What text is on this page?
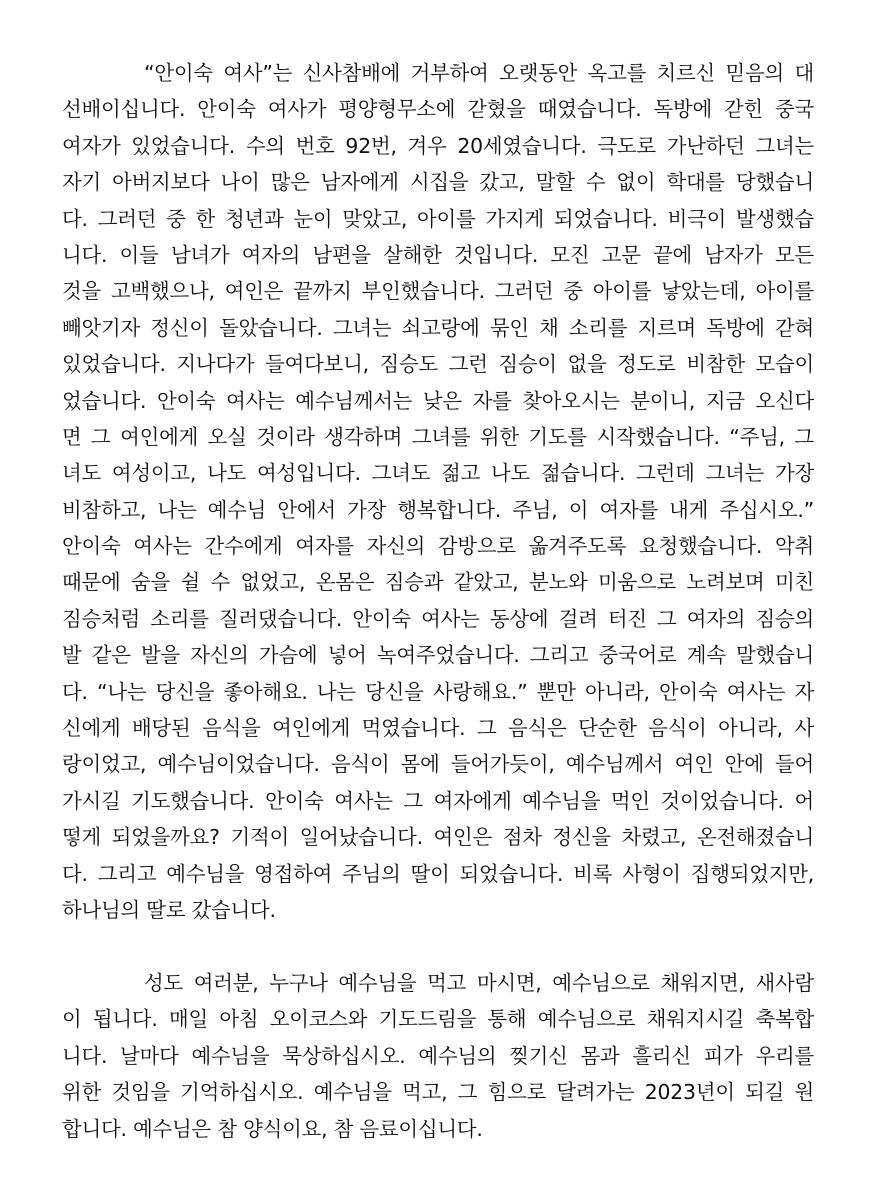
“안이숙 여사”는 신사참배에 거부하여 오랫동안 옥고를 치르신 믿음의 대
선배이십니다. 안이숙 여사가 평양형무소에 갇혔을 때였습니다. 독방에 갇힌 중국
여자가 있었습니다. 수의 번호 92번, 겨우 20세였습니다. 극도로 가난하던 그녀는
자기 아버지보다 나이 많은 남자에게 시집을 갔고, 말할 수 없이 학대를 당했습니
다. 그러던 중 한 청년과 눈이 맞았고, 아이를 가지게 되었습니다. 비극이 발생했습
니다. 이들 남녀가 여자의 남편을 살해한 것입니다. 모진 고문 끝에 남자가 모든
것을 고백했으나, 여인은 끝까지 부인했습니다. 그러던 중 아이를 낳았는데, 아이를
빼앗기자 정신이 돌았습니다. 그녀는 쇠고랑에 묶인 채 소리를 지르며 독방에 갇혀
있었습니다. 지나다가 들여다보니, 짐승도 그런 짐승이 없을 정도로 비참한 모습이
었습니다. 안이숙 여사는 예수님께서는 낮은 자를 찾아오시는 분이니, 지금 오신다
면 그 여인에게 오실 것이라 생각하며 그녀를 위한 기도를 시작했습니다. “주님, 그
녀도 여성이고, 나도 여성입니다. 그녀도 젊고 나도 젊습니다. 그런데 그녀는 가장
비참하고, 나는 예수님 안에서 가장 행복합니다. 주님, 이 여자를 내게 주십시오.”
안이숙 여사는 간수에게 여자를 자신의 감방으로 옮겨주도록 요청했습니다. 악취
때문에 숨을 쉴 수 없었고, 온몸은 짐승과 같았고, 분노와 미움으로 노려보며 미친
짐승처럼 소리를 질러댔습니다. 안이숙 여사는 동상에 걸려 터진 그 여자의 짐승의
발 같은 발을 자신의 가슴에 넣어 녹여주었습니다. 그리고 중국어로 계속 말했습니
다. “나는 당신을 좋아해요. 나는 당신을 사랑해요.” 뿐만 아니라, 안이숙 여사는 자
신에게 배당된 음식을 여인에게 먹였습니다. 그 음식은 단순한 음식이 아니라, 사
랑이었고, 예수님이었습니다. 음식이 몸에 들어가듯이, 예수님께서 여인 안에 들어
가시길 기도했습니다. 안이숙 여사는 그 여자에게 예수님을 먹인 것이었습니다. 어
떻게 되었을까요? 기적이 일어났습니다. 여인은 점차 정신을 차렸고, 온전해졌습니
다. 그리고 예수님을 영접하여 주님의 딸이 되었습니다. 비록 사형이 집행되었지만,
하나님의 딸로 갔습니다.
성도 여러분, 누구나 예수님을 먹고 마시면, 예수님으로 채워지면, 새사람
이 됩니다. 매일 아침 오이코스와 기도드림을 통해 예수님으로 채워지시길 축복합
니다. 날마다 예수님을 묵상하십시오. 예수님의 찢기신 몸과 흘리신 피가 우리를
위한 것임을 기억하십시오. 예수님을 먹고, 그 힘으로 달려가는 2023년이 되길 원
합니다. 예수님은 참 양식이요, 참 음료이십니다.
